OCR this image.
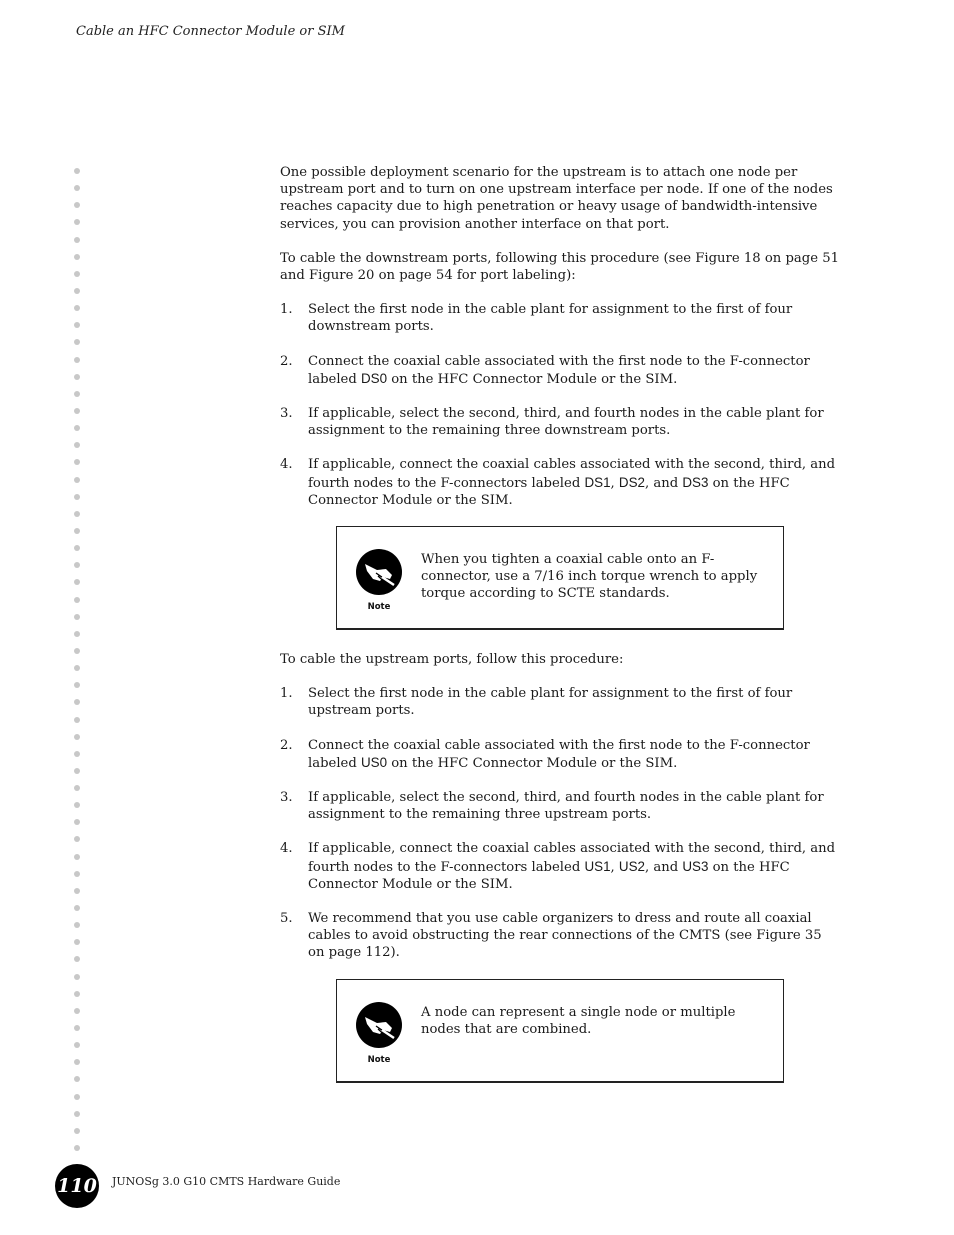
Cable an HFC Connector Module or SIM

One possible deployment scenario for the upstream is to attach one node per upstream port and to turn on one upstream interface per node. If one of the nodes reaches capacity due to high penetration or heavy usage of bandwidth-intensive services, you can provision another interface on that port.

To cable the downstream ports, following this procedure (see Figure 18 on page 51 and Figure 20 on page 54 for port labeling):

1.	Select the first node in the cable plant for assignment to the first of four downstream ports.
2.	Connect the coaxial cable associated with the first node to the F-connector labeled DS0 on the HFC Connector Module or the SIM.
3.	If applicable, select the second, third, and fourth nodes in the cable plant for assignment to the remaining three downstream ports.
4.	If applicable, connect the coaxial cables associated with the second, third, and fourth nodes to the F-connectors labeled DS1, DS2, and DS3 on the HFC Connector Module or the SIM.
Note
When you tighten a coaxial cable onto an F-connector, use a 7/16 inch torque wrench to apply torque according to SCTE standards.

To cable the upstream ports, follow this procedure:

1.	Select the first node in the cable plant for assignment to the first of four upstream ports.
2.	Connect the coaxial cable associated with the first node to the F-connector labeled US0 on the HFC Connector Module or the SIM.
3.	If applicable, select the second, third, and fourth nodes in the cable plant for assignment to the remaining three upstream ports.
4.	If applicable, connect the coaxial cables associated with the second, third, and fourth nodes to the F-connectors labeled US1, US2, and US3 on the HFC Connector Module or the SIM.
5.	We recommend that you use cable organizers to dress and route all coaxial cables to avoid obstructing the rear connections of the CMTS (see Figure 35 on page 112).
Note
A node can represent a single node or multiple nodes that are combined.
110 JUNOSg 3.0 G10 CMTS Hardware Guide
